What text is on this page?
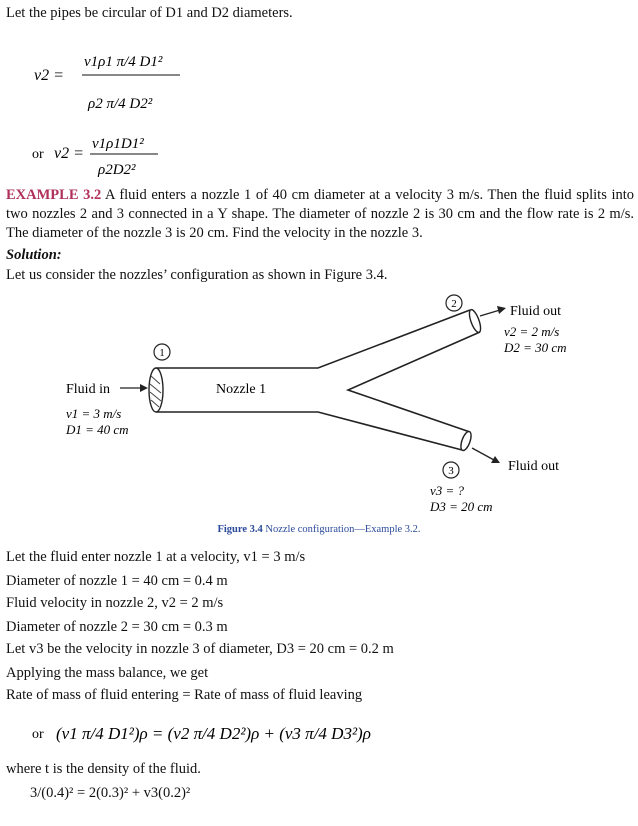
Let the pipes be circular of D1 and D2 diameters.
v2 =
v1ρ1 π/4 D1²
ρ2 π/4 D2²
or v2 =
v1ρ1D1²
ρ2D2²
EXAMPLE 3.2 A fluid enters a nozzle 1 of 40 cm diameter at a velocity 3 m/s. Then the fluid splits into two nozzles 2 and 3 connected in a Y shape. The diameter of nozzle 2 is 30 cm and the flow rate is 2 m/s. The diameter of the nozzle 3 is 20 cm. Find the velocity in the nozzle 3.
Solution:
Let us consider the nozzles’ configuration as shown in Figure 3.4.
1
2
3
Nozzle 1
Fluid in
v1 = 3 m/s
D1 = 40 cm
Fluid out
v2 = 2 m/s
D2 = 30 cm
Fluid out
v3 = ?
D3 = 20 cm
Figure 3.4 Nozzle configuration—Example 3.2.
Let the fluid enter nozzle 1 at a velocity, v1 = 3 m/s
Diameter of nozzle 1 = 40 cm = 0.4 m
Fluid velocity in nozzle 2, v2 = 2 m/s
Diameter of nozzle 2 = 30 cm = 0.3 m
Let v3 be the velocity in nozzle 3 of diameter, D3 = 20 cm = 0.2 m
Applying the mass balance, we get
Rate of mass of fluid entering = Rate of mass of fluid leaving
or (v1 π/4 D1²)ρ = (v2 π/4 D2²)ρ + (v3 π/4 D3²)ρ
where t is the density of the fluid.
3/(0.4)² = 2(0.3)² + v3(0.2)²
